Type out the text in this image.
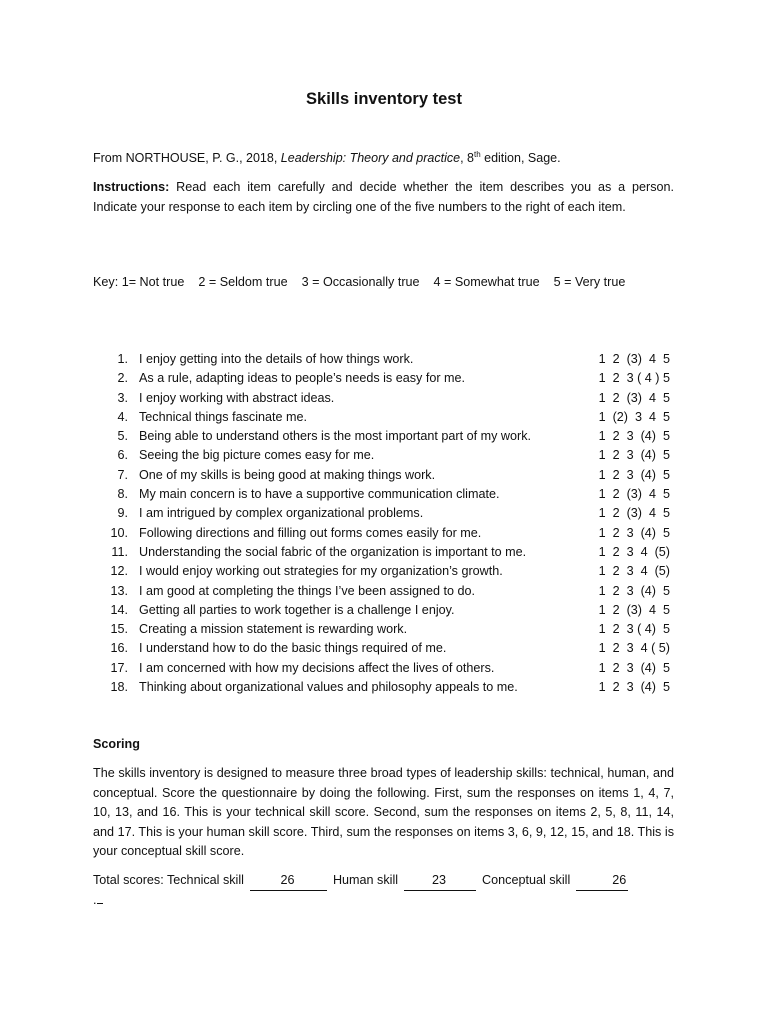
Skills inventory test
From NORTHOUSE, P. G., 2018, Leadership: Theory and practice, 8th edition, Sage.
Instructions: Read each item carefully and decide whether the item describes you as a person. Indicate your response to each item by circling one of the five numbers to the right of each item.
Key: 1= Not true    2 = Seldom true    3 = Occasionally true    4 = Somewhat true    5 = Very true
1. I enjoy getting into the details of how things work.	1  2  (3)  4  5
2. As a rule, adapting ideas to people’s needs is easy for me.	1  2  3 ( 4 ) 5
3. I enjoy working with abstract ideas.	1  2  (3)  4  5
4. Technical things fascinate me.	1  (2)  3  4  5
5. Being able to understand others is the most important part of my work.	1  2  3  (4)  5
6. Seeing the big picture comes easy for me.	1  2  3  (4)  5
7. One of my skills is being good at making things work.	1  2  3  (4)  5
8. My main concern is to have a supportive communication climate.	1  2  (3)  4  5
9. I am intrigued by complex organizational problems.	1  2  (3)  4  5
10. Following directions and filling out forms comes easily for me.	1  2  3  (4)  5
11. Understanding the social fabric of the organization is important to me.	1  2  3  4  (5)
12. I would enjoy working out strategies for my organization’s growth.	1  2  3  4  (5)
13. I am good at completing the things I’ve been assigned to do.	1  2  3  (4)  5
14. Getting all parties to work together is a challenge I enjoy.	1  2  (3)  4  5
15. Creating a mission statement is rewarding work.	1  2  3 ( 4)  5
16. I understand how to do the basic things required of me.	1  2  3  4 ( 5)
17. I am concerned with how my decisions affect the lives of others.	1  2  3  (4)  5
18. Thinking about organizational values and philosophy appeals to me.	1  2  3  (4)  5
Scoring
The skills inventory is designed to measure three broad types of leadership skills: technical, human, and conceptual. Score the questionnaire by doing the following. First, sum the responses on items 1, 4, 7, 10, 13, and 16. This is your technical skill score. Second, sum the responses on items 2, 5, 8, 11, 14, and 17. This is your human skill score. Third, sum the responses on items 3, 6, 9, 12, 15, and 18. This is your conceptual skill score.
Total scores: Technical skill	26	Human skill	23	Conceptual skill	26
.
